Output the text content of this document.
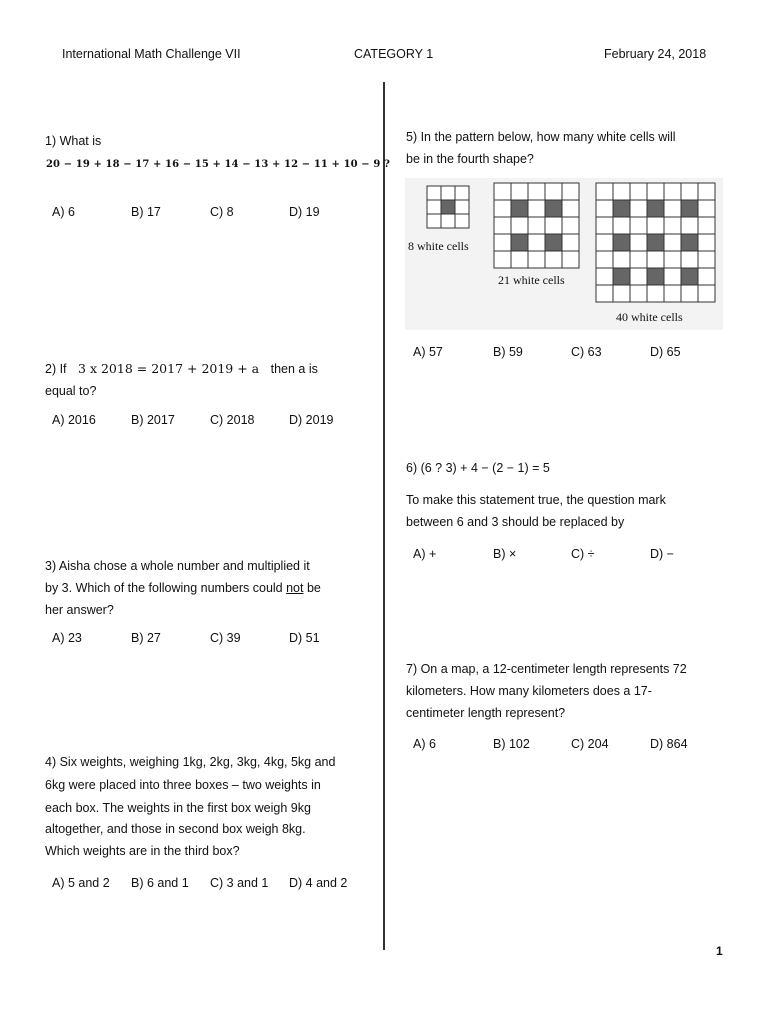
International Math Challenge VII	CATEGORY 1	February 24, 2018
1) What is
20 − 19 + 18 − 17 + 16 − 15 + 14 − 13 + 12 − 11 + 10 − 9 ?
A) 6	B) 17	C) 8	D) 19
2) If 3 x 2018 = 2017 + 2019 + a then a is
equal to?
A) 2016	B) 2017	C) 2018	D) 2019
3) Aisha chose a whole number and multiplied it
by 3. Which of the following numbers could not be
her answer?
A) 23	B) 27	C) 39	D) 51
4) Six weights, weighing 1kg, 2kg, 3kg, 4kg, 5kg and
6kg were placed into three boxes – two weights in
each box. The weights in the first box weigh 9kg
altogether, and those in second box weigh 8kg.
Which weights are in the third box?
A) 5 and 2 B) 6 and 1 C) 3 and 1 D) 4 and 2
5) In the pattern below, how many white cells will
be in the fourth shape?
8 white cells
21 white cells
40 white cells
A) 57	B) 59	C) 63	D) 65
6) (6 ? 3) + 4 − (2 − 1) = 5
To make this statement true, the question mark
between 6 and 3 should be replaced by
A) +	B) ×	C) ÷	D) −
7) On a map, a 12-centimeter length represents 72
kilometers. How many kilometers does a 17-
centimeter length represent?
A) 6	B) 102	C) 204	D) 864
1
